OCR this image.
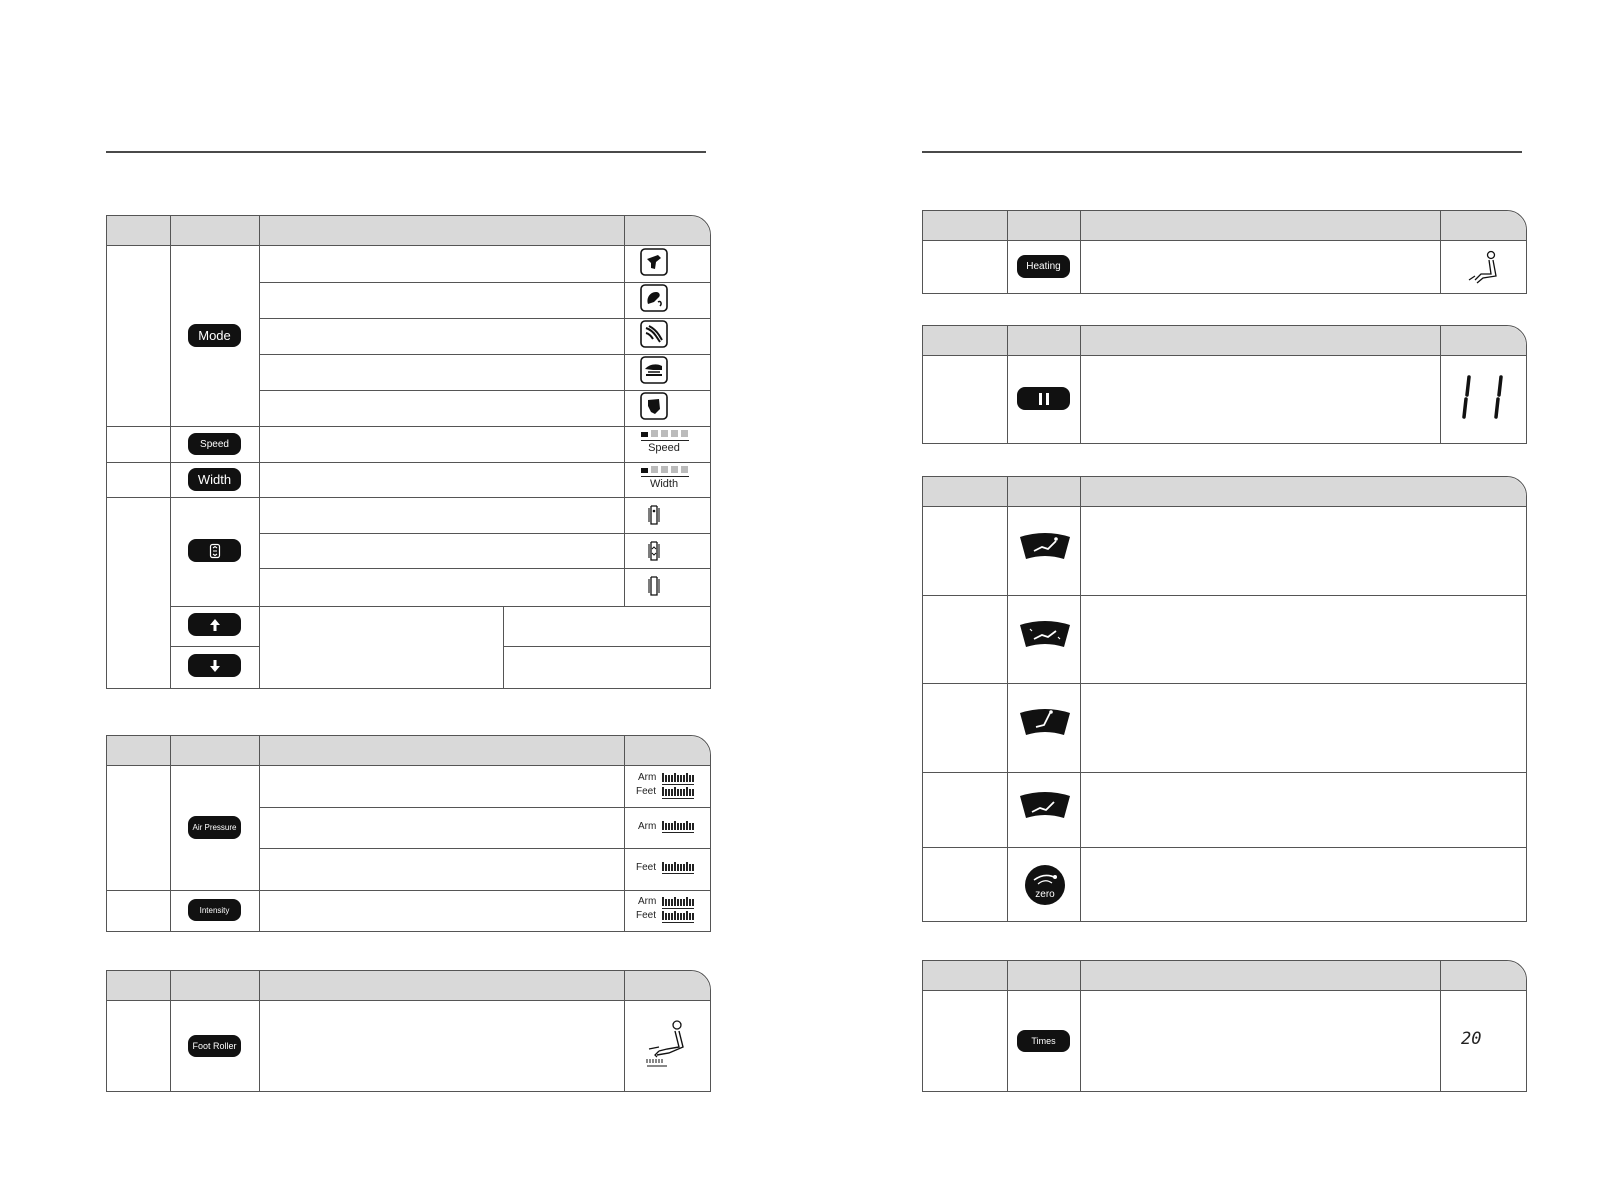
Mode
Speed
Width
Speed
Width
Air Pressure
Intensity
Arm
Feet
Arm
Feet
Arm
Feet
Foot Roller
Heating
zero
Times	20
